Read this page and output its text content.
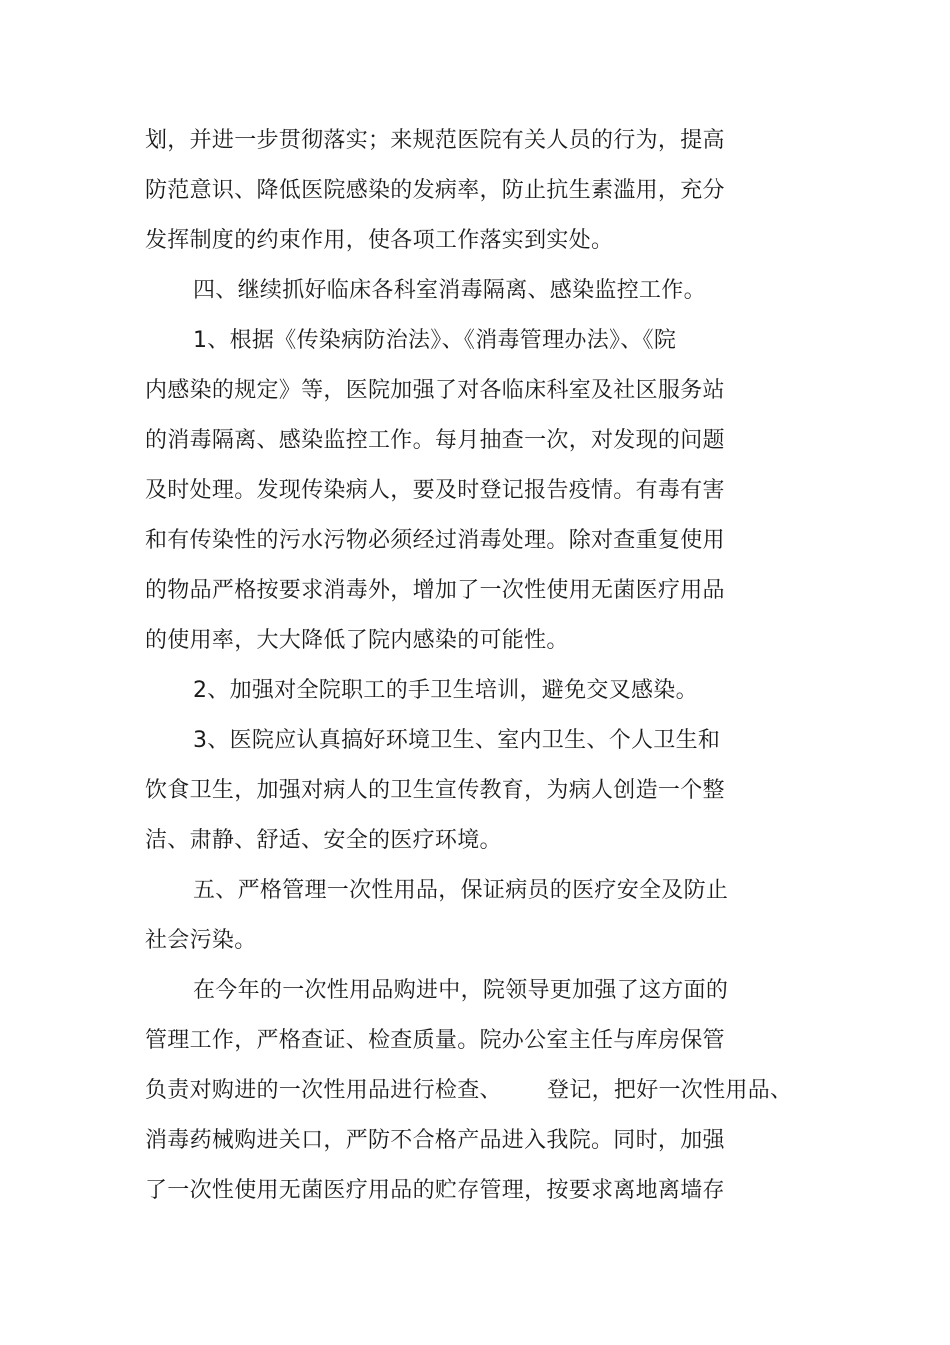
划，并进一步贯彻落实；来规范医院有关人员的行为，提高
防范意识、降低医院感染的发病率，防止抗生素滥用，充分
发挥制度的约束作用，使各项工作落实到实处。
四、继续抓好临床各科室消毒隔离、感染监控工作。
1、根据《传染病防治法》、《消毒管理办法》、《院
内感染的规定》等，医院加强了对各临床科室及社区服务站
的消毒隔离、感染监控工作。每月抽查一次，对发现的问题
及时处理。发现传染病人，要及时登记报告疫情。有毒有害
和有传染性的污水污物必须经过消毒处理。除对查重复使用
的物品严格按要求消毒外，增加了一次性使用无菌医疗用品
的使用率，大大降低了院内感染的可能性。
2、加强对全院职工的手卫生培训，避免交叉感染。
3、医院应认真搞好环境卫生、室内卫生、个人卫生和
饮食卫生，加强对病人的卫生宣传教育，为病人创造一个整
洁、肃静、舒适、安全的医疗环境。
五、严格管理一次性用品，保证病员的医疗安全及防止
社会污染。
在今年的一次性用品购进中，院领导更加强了这方面的
管理工作，严格查证、检查质量。院办公室主任与库房保管
负责对购进的一次性用品进行检查、 登记，把好一次性用品、
消毒药械购进关口，严防不合格产品进入我院。同时，加强
了一次性使用无菌医疗用品的贮存管理，按要求离地离墙存
